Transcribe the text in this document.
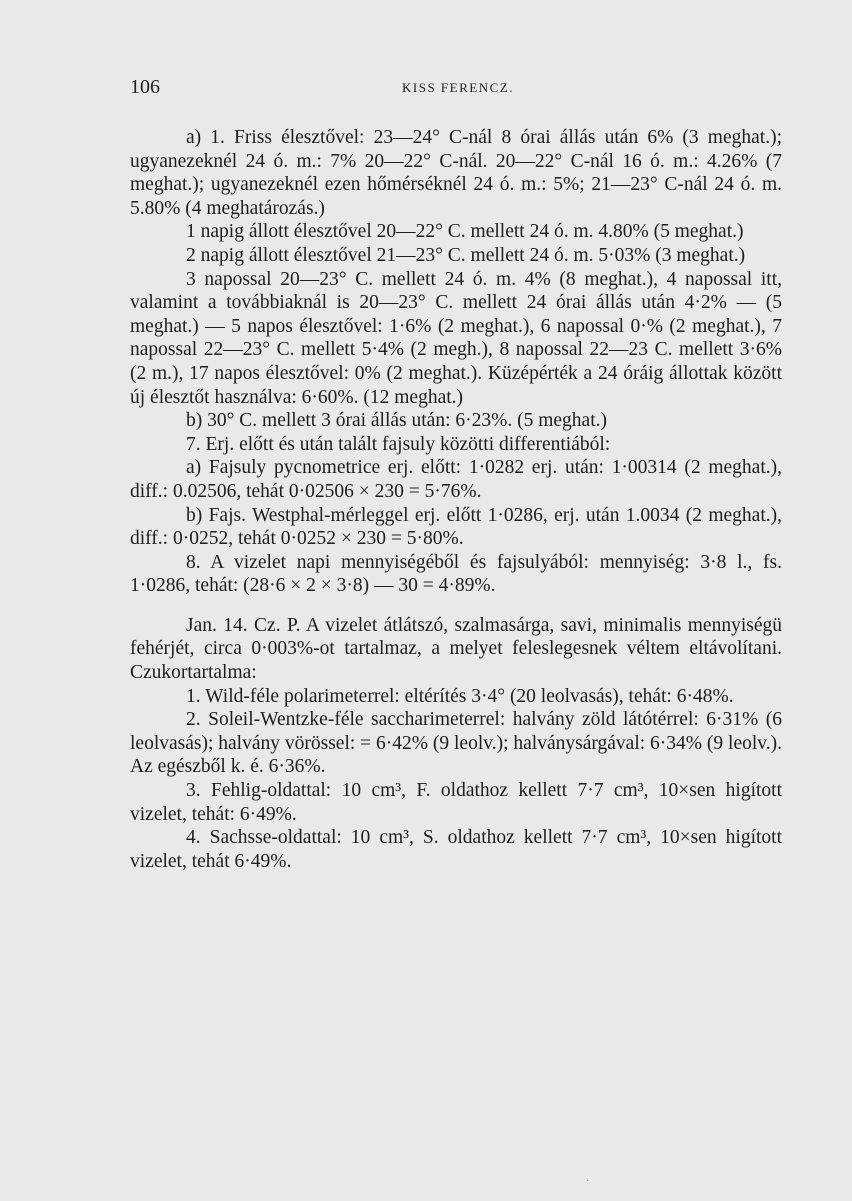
106	KISS FERENCZ.

a) 1. Friss élesztővel: 23—24° C-nál 8 órai állás után 6% (3 meghat.); ugyanezeknél 24 ó. m.: 7% 20—22° C-nál. 20—22° C-nál 16 ó. m.: 4.26% (7 meghat.); ugyanezeknél ezen hőmérséknél 24 ó. m.: 5%; 21—23° C-nál 24 ó. m. 5.80% (4 meghatározás.)

1 napig állott élesztővel 20—22° C. mellett 24 ó. m. 4.80% (5 meghat.)

2 napig állott élesztővel 21—23° C. mellett 24 ó. m. 5·03% (3 meghat.)

3 napossal 20—23° C. mellett 24 ó. m. 4% (8 meghat.), 4 napossal itt, valamint a továbbiaknál is 20—23° C. mellett 24 órai állás után 4·2% — (5 meghat.) — 5 napos élesztővel: 1·6% (2 meghat.), 6 napossal 0·% (2 meghat.), 7 napossal 22—23° C. mellett 5·4% (2 megh.), 8 napossal 22—23 C. mellett 3·6% (2 m.), 17 napos élesztővel: 0% (2 meghat.). Küzépérték a 24 óráig állottak között új élesztőt használva: 6·60%. (12 meghat.)

b) 30° C. mellett 3 órai állás után: 6·23%. (5 meghat.)

7. Erj. előtt és után talált fajsuly közötti differentiából:

a) Fajsuly pycnometrice erj. előtt: 1·0282 erj. után: 1·00314 (2 meghat.), diff.: 0.02506, tehát 0·02506 × 230 = 5·76%.

b) Fajs. Westphal-mérleggel erj. előtt 1·0286, erj. után 1.0034 (2 meghat.), diff.: 0·0252, tehát 0·0252 × 230 = 5·80%.

8. A vizelet napi mennyiségéből és fajsulyából: mennyiség: 3·8 l., fs. 1·0286, tehát: (28·6 × 2 × 3·8) — 30 = 4·89%.

Jan. 14. Cz. P. A vizelet átlátszó, szalmasárga, savi, minimalis mennyiségü fehérjét, circa 0·003%-ot tartalmaz, a melyet feleslegesnek véltem eltávolítani. Czukortartalma:

1. Wild-féle polarimeterrel: eltérítés 3·4° (20 leolvasás), tehát: 6·48%.

2. Soleil-Wentzke-féle saccharimeterrel: halvány zöld látótérrel: 6·31% (6 leolvasás); halvány vörössel: = 6·42% (9 leolv.); halványsárgával: 6·34% (9 leolv.). Az egészből k. é. 6·36%.

3. Fehlig-oldattal: 10 cm³, F. oldathoz kellett 7·7 cm³, 10×sen higított vizelet, tehát: 6·49%.

4. Sachsse-oldattal: 10 cm³, S. oldathoz kellett 7·7 cm³, 10×sen higított vizelet, tehát 6·49%.

·
